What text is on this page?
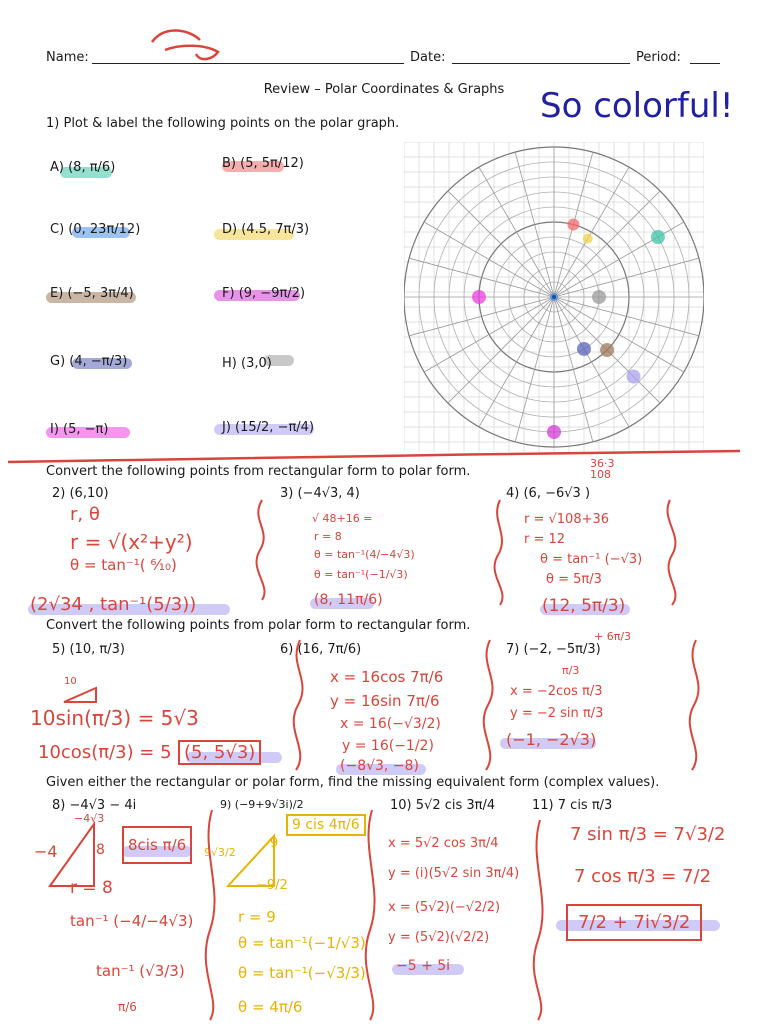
Name:	Date:	Period:
Review – Polar Coordinates & Graphs	So colorful!
1) Plot & label the following points on the polar graph.
A) (8, π/6)	B) (5, 5π/12)
C) (0, 23π/12)	D) (4.5, 7π/3)
E) (−5, 3π/4)	F) (9, −9π/2)
G) (4, −π/3)	H) (3,0)
I) (5, −π)	J) (15/2, −π/4)
Convert the following points from rectangular form to polar form.
2) (6,10)	3) (−4√3, 4)	4) (6, −6√3 )
r, θ
r = √(x²+y²)
θ = tan⁻¹( ⁶⁄₁₀)
(2√34 , tan⁻¹(5/3))
√ 48+16 =
r = 8
θ = tan⁻¹(4/−4√3)
θ = tan⁻¹(−1/√3)
(8, 11π/6)
36·3 108
r = √108+36
r = 12
θ = tan⁻¹ (−√3)
θ = 5π/3
(12, 5π/3)
Convert the following points from polar form to rectangular form.
5) (10, π/3)	6) (16, 7π/6)	7) (−2, −5π/3)
10
10sin(π/3) = 5√3
10cos(π/3) = 5 (5, 5√3)
x = 16cos 7π/6
y = 16sin 7π/6
x = 16(−√3/2)
y = 16(−1/2)
(−8√3, −8)
+ 6π/3
π/3
x = −2cos π/3
y = −2 sin π/3
(−1, −2√3)
Given either the rectangular or polar form, find the missing equivalent form (complex values).
8) −4√3 − 4i	9) (−9+9√3i)/2	10) 5√2 cis 3π/4	11) 7 cis π/3
−4√3
−4	8	8cis π/6
r = 8
tan⁻¹ (−4/−4√3)
tan⁻¹ (√3/3)
π/6
9 cis 4π/6
9√3/2
9
−9/2
r = 9
θ = tan⁻¹(−1/√3)
θ = tan⁻¹(−√3/3)
θ = 4π/6
x = 5√2 cos 3π/4
y = (i)(5√2 sin 3π/4)
x = (5√2)(−√2/2)
y = (5√2)(√2/2)
−5 + 5i
7 sin π/3 = 7√3/2
7 cos π/3 = 7/2
7/2 + 7i√3/2
